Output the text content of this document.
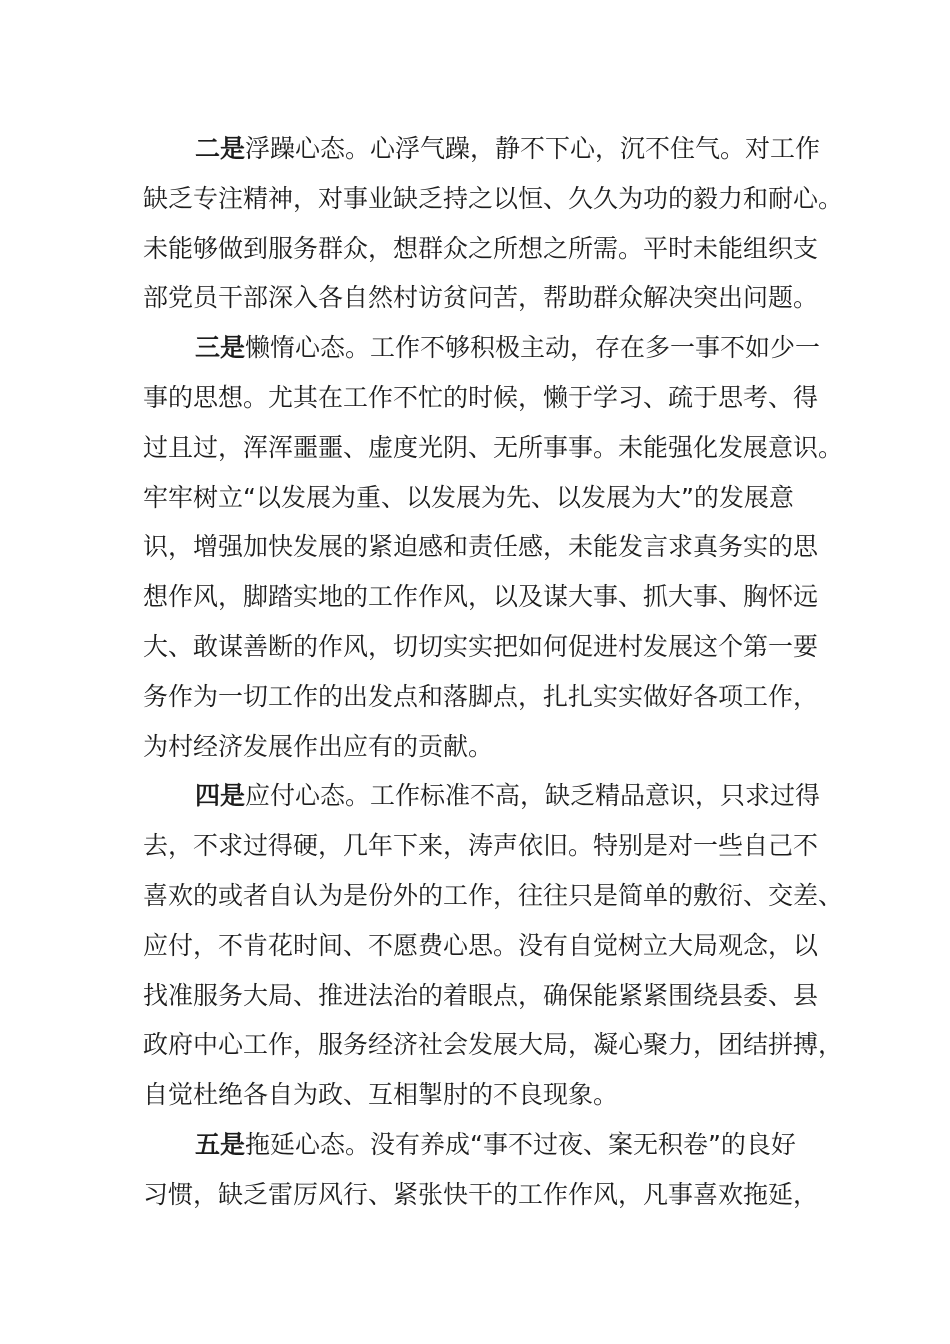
二是浮躁心态。心浮气躁，静不下心，沉不住气。对工作
缺乏专注精神，对事业缺乏持之以恒、久久为功的毅力和耐心。
未能够做到服务群众，想群众之所想之所需。平时未能组织支
部党员干部深入各自然村访贫问苦，帮助群众解决突出问题。
三是懒惰心态。工作不够积极主动，存在多一事不如少一
事的思想。尤其在工作不忙的时候，懒于学习、疏于思考、得
过且过，浑浑噩噩、虚度光阴、无所事事。未能强化发展意识。
牢牢树立“以发展为重、以发展为先、以发展为大”的发展意
识，增强加快发展的紧迫感和责任感，未能发言求真务实的思
想作风，脚踏实地的工作作风，以及谋大事、抓大事、胸怀远
大、敢谋善断的作风，切切实实把如何促进村发展这个第一要
务作为一切工作的出发点和落脚点，扎扎实实做好各项工作，
为村经济发展作出应有的贡献。
四是应付心态。工作标准不高，缺乏精品意识，只求过得
去，不求过得硬，几年下来，涛声依旧。特别是对一些自己不
喜欢的或者自认为是份外的工作，往往只是简单的敷衍、交差、
应付，不肯花时间、不愿费心思。没有自觉树立大局观念，以
找准服务大局、推进法治的着眼点，确保能紧紧围绕县委、县
政府中心工作，服务经济社会发展大局，凝心聚力，团结拼搏，
自觉杜绝各自为政、互相掣肘的不良现象。
五是拖延心态。没有养成“事不过夜、案无积卷”的良好
习惯，缺乏雷厉风行、紧张快干的工作作风，凡事喜欢拖延，
